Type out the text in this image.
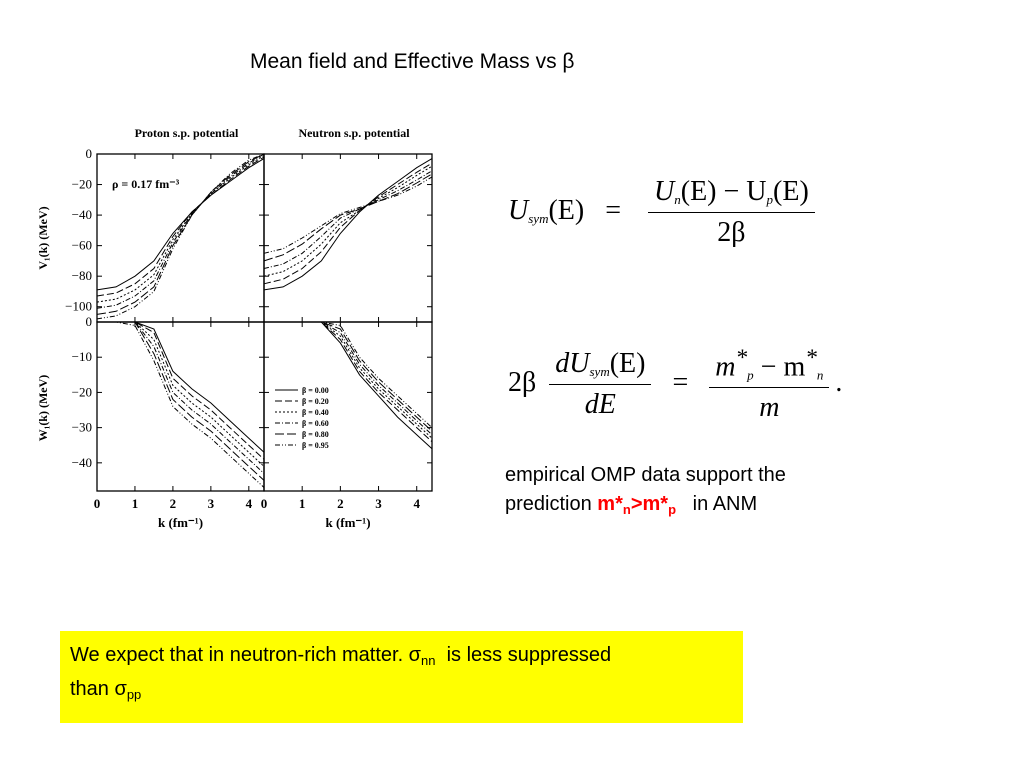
Mean field and Effective Mass vs β
0
−20
−40
−60
−80
−100
0
−10
−20
−30
−40
0 1 2 3 4
k (fm⁻¹)
0 1 2 3 4
k (fm⁻¹)
Proton s.p. potential	Neutron s.p. potential
V₁(k) (MeV)
W₁(k) (MeV)
ρ = 0.17 fm⁻³
β = 0.00
β = 0.20
β = 0.40
β = 0.60
β = 0.80
β = 0.95
$U_{sym}(E) = \frac{U_n(E) - U_p(E)}{2\beta}$
$2\beta \frac{dU_{sym}(E)}{dE} = \frac{m^*_p - m^*_n}{m}$ .
empirical OMP data support the
prediction $m*_n>m*_p$   in ANM
We expect that in neutron-rich matter. $\sigma_{nn}$  is less suppressed
than $\sigma_{pp}$
